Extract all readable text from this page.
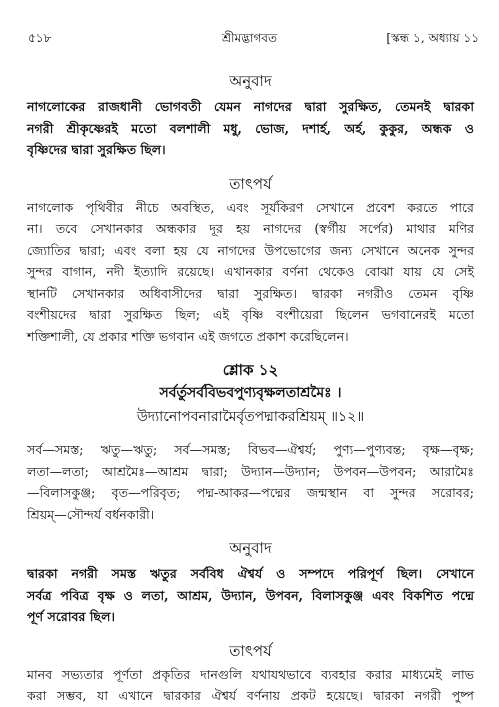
৫১৮	শ্রীমদ্ভাগবত	[স্কন্ধ ১, অধ্যায় ১১
অনুবাদ
নাগলোকের রাজধানী ভোগবতী যেমন নাগদের দ্বারা সুরক্ষিত, তেমনই দ্বারকা
নগরী শ্রীকৃষ্ণেরই মতো বলশালী মধু, ভোজ, দশার্হ, অর্হ, কুকুর, অন্ধক ও
বৃষ্ণিদের দ্বারা সুরক্ষিত ছিল।
তাৎপর্য
নাগলোক পৃথিবীর নীচে অবস্থিত, এবং সূর্যকিরণ সেখানে প্রবেশ করতে পারে
না। তবে সেখানকার অন্ধকার দূর হয় নাগদের (স্বর্গীয় সর্পের) মাথার মণির
জ্যোতির দ্বারা; এবং বলা হয় যে নাগদের উপভোগের জন্য সেখানে অনেক সুন্দর
সুন্দর বাগান, নদী ইত্যাদি রয়েছে। এখানকার বর্ণনা থেকেও বোঝা যায় যে সেই
স্থানটি সেখানকার অধিবাসীদের দ্বারা সুরক্ষিত। দ্বারকা নগরীও তেমন বৃষ্ণি
বংশীয়দের দ্বারা সুরক্ষিত ছিল; এই বৃষ্ণি বংশীয়েরা ছিলেন ভগবানেরই মতো
শক্তিশালী, যে প্রকার শক্তি ভগবান এই জগতে প্রকাশ করেছিলেন।
শ্লোক ১২
সর্বর্তুসর্ববিভবপুণ্যবৃক্ষলতাশ্রমৈঃ ।
উদ্যানোপবনারামৈর্বৃতপদ্মাকরশ্রিয়ম্ ॥১২॥
সর্ব—সমস্ত; ঋতু—ঋতু; সর্ব—সমস্ত; বিভব—ঐশ্বর্য; পুণ্য—পুণ্যবন্ত; বৃক্ষ—বৃক্ষ;
লতা—লতা; আশ্রমৈঃ—আশ্রম দ্বারা; উদ্যান—উদ্যান; উপবন—উপবন; আরামৈঃ
—বিলাসকুঞ্জ; বৃত—পরিবৃত; পদ্ম-আকর—পদ্মের জন্মস্থান বা সুন্দর সরোবর;
শ্রিয়ম্—সৌন্দর্য বর্ধনকারী।
অনুবাদ
দ্বারকা নগরী সমস্ত ঋতুর সর্ববিধ ঐশ্বর্য ও সম্পদে পরিপূর্ণ ছিল। সেখানে
সর্বত্র পবিত্র বৃক্ষ ও লতা, আশ্রম, উদ্যান, উপবন, বিলাসকুঞ্জ এবং বিকশিত পদ্মে
পূর্ণ সরোবর ছিল।
তাৎপর্য
মানব সভ্যতার পূর্ণতা প্রকৃতির দানগুলি যথাযথভাবে ব্যবহার করার মাধ্যমেই লাভ
করা সম্ভব, যা এখানে দ্বারকার ঐশ্বর্য বর্ণনায় প্রকট হয়েছে। দ্বারকা নগরী পুষ্প
